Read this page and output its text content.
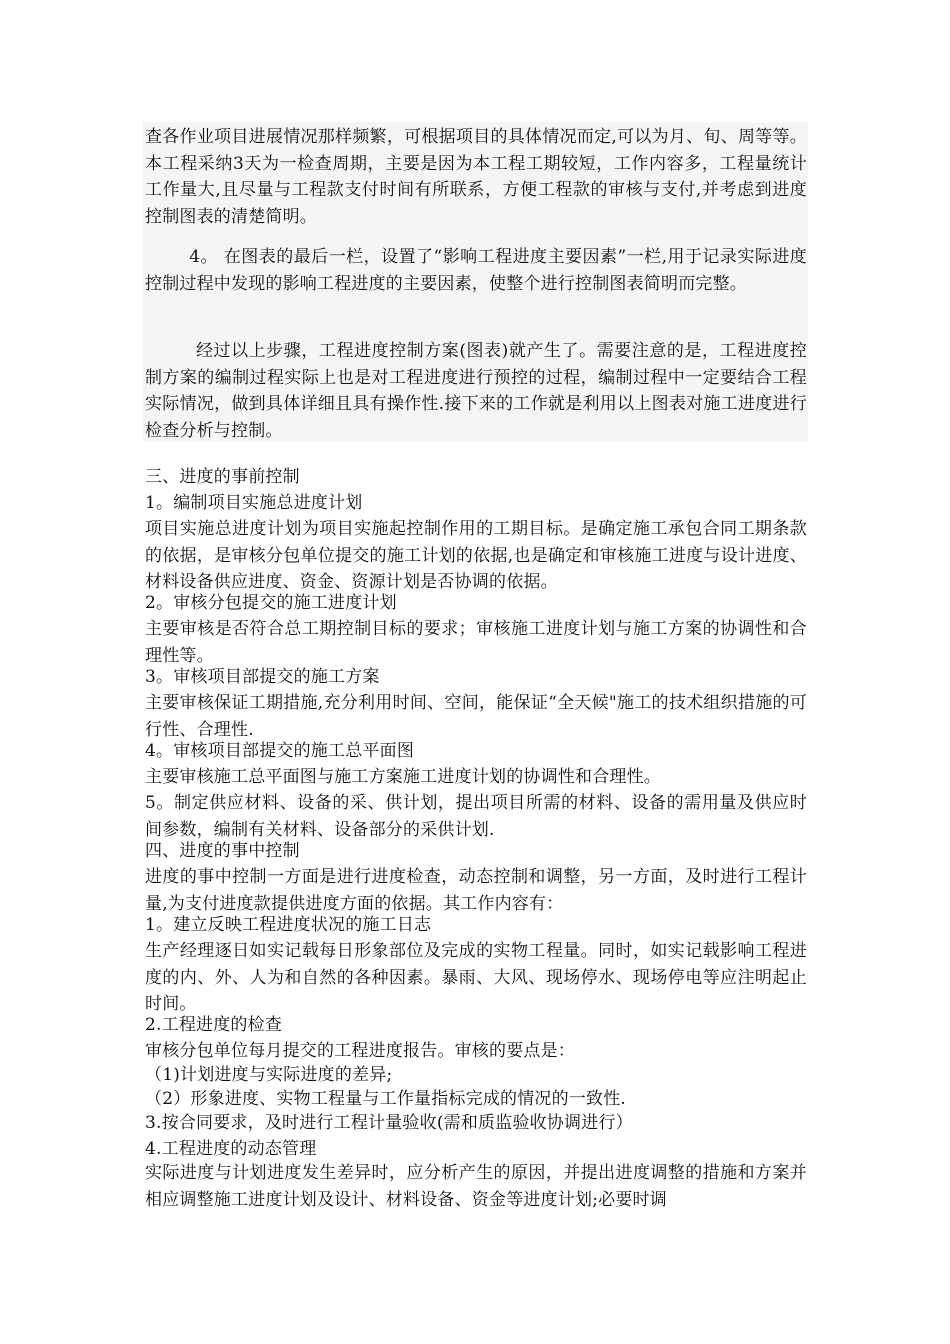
查各作业项目进展情况那样频繁，可根据项目的具体情况而定,可以为月、旬、周等等。本工程采纳3天为一检查周期，主要是因为本工程工期较短，工作内容多，工程量统计工作量大,且尽量与工程款支付时间有所联系，方便工程款的审核与支付,并考虑到进度控制图表的清楚简明。

4。 在图表的最后一栏，设置了“影响工程进度主要因素”一栏,用于记录实际进度控制过程中发现的影响工程进度的主要因素，使整个进行控制图表简明而完整。

经过以上步骤，工程进度控制方案(图表)就产生了。需要注意的是，工程进度控制方案的编制过程实际上也是对工程进度进行预控的过程，编制过程中一定要结合工程实际情况，做到具体详细且具有操作性.接下来的工作就是利用以上图表对施工进度进行检查分析与控制。

三、进度的事前控制

1。编制项目实施总进度计划

项目实施总进度计划为项目实施起控制作用的工期目标。是确定施工承包合同工期条款的依据，是审核分包单位提交的施工计划的依据,也是确定和审核施工进度与设计进度、材料设备供应进度、资金、资源计划是否协调的依据。

2。审核分包提交的施工进度计划

主要审核是否符合总工期控制目标的要求；审核施工进度计划与施工方案的协调性和合理性等。

3。审核项目部提交的施工方案

主要审核保证工期措施,充分利用时间、空间，能保证“全天候"施工的技术组织措施的可行性、合理性.

4。审核项目部提交的施工总平面图

主要审核施工总平面图与施工方案施工进度计划的协调性和合理性。

5。制定供应材料、设备的采、供计划，提出项目所需的材料、设备的需用量及供应时间参数，编制有关材料、设备部分的采供计划.

四、进度的事中控制

进度的事中控制一方面是进行进度检查，动态控制和调整，另一方面，及时进行工程计量,为支付进度款提供进度方面的依据。其工作内容有：

1。建立反映工程进度状况的施工日志

生产经理逐日如实记载每日形象部位及完成的实物工程量。同时，如实记载影响工程进度的内、外、人为和自然的各种因素。暴雨、大风、现场停水、现场停电等应注明起止时间。

2.工程进度的检查

审核分包单位每月提交的工程进度报告。审核的要点是：

（1)计划进度与实际进度的差异;

（2）形象进度、实物工程量与工作量指标完成的情况的一致性.

3.按合同要求，及时进行工程计量验收(需和质监验收协调进行）

4.工程进度的动态管理

实际进度与计划进度发生差异时，应分析产生的原因，并提出进度调整的措施和方案并相应调整施工进度计划及设计、材料设备、资金等进度计划;必要时调
